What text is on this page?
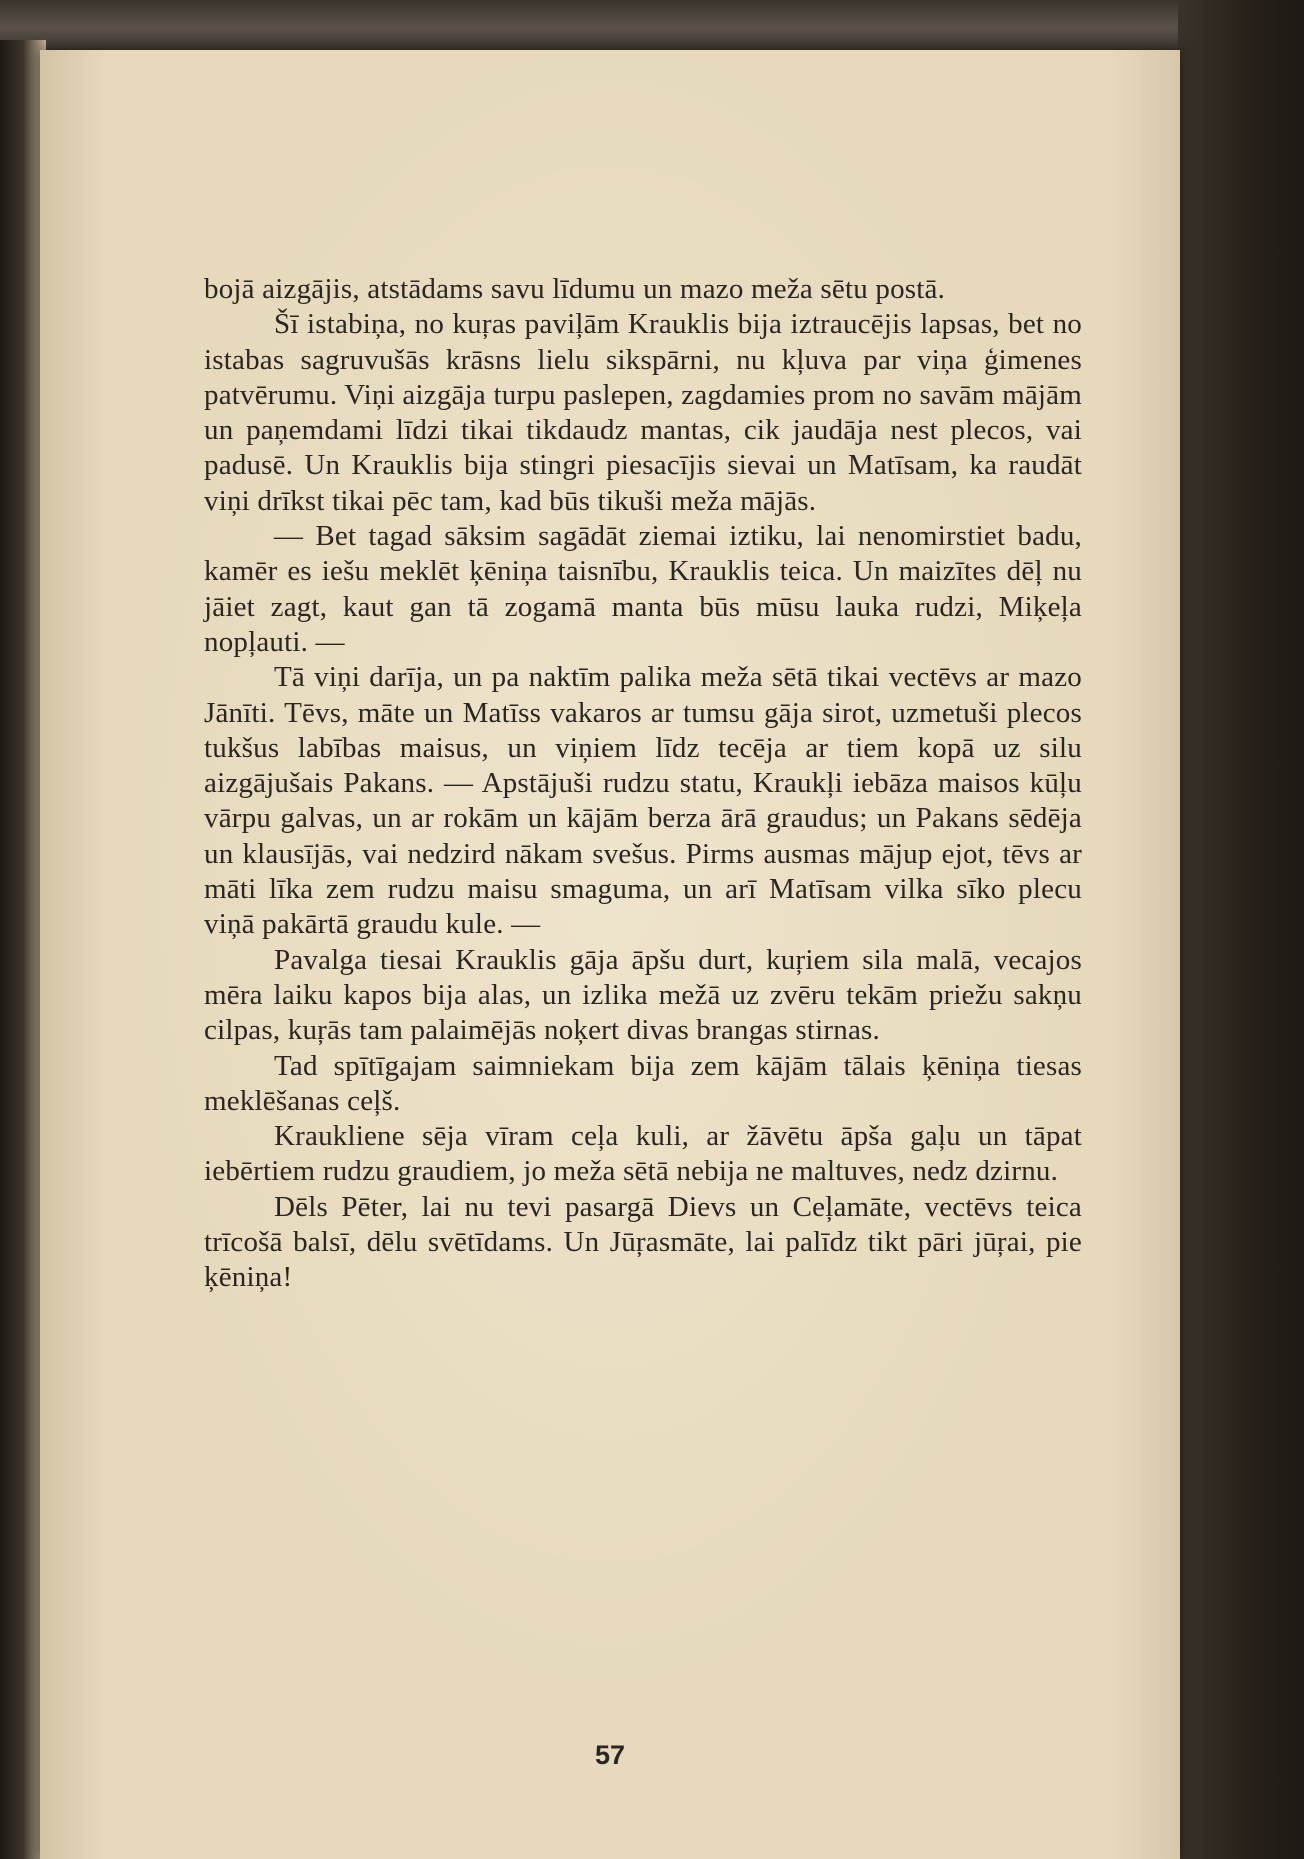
bojā aizgājis, atstādams savu līdumu un mazo meža sētu postā.

Šī istabiņa, no kuŗas paviļām Krauklis bija iztraucējis lapsas, bet no istabas sagruvušās krāsns lielu sikspārni, nu kļuva par viņa ģimenes patvērumu. Viņi aizgāja turpu paslepen, zagdamies prom no savām mājām un paņemdami līdzi tikai tikdaudz mantas, cik jaudāja nest plecos, vai padusē. Un Krauklis bija stingri piesacījis sievai un Matīsam, ka raudāt viņi drīkst tikai pēc tam, kad būs tikuši meža mājās.

— Bet tagad sāksim sagādāt ziemai iztiku, lai nenomirstiet badu, kamēr es iešu meklēt ķēniņa taisnību, Krauklis teica. Un maizītes dēļ nu jāiet zagt, kaut gan tā zogamā manta būs mūsu lauka rudzi, Miķeļa nopļauti. —

Tā viņi darīja, un pa naktīm palika meža sētā tikai vectēvs ar mazo Jānīti. Tēvs, māte un Matīss vakaros ar tumsu gāja sirot, uzmetuši plecos tukšus labības maisus, un viņiem līdz tecēja ar tiem kopā uz silu aizgājušais Pakans. — Apstājuši rudzu statu, Kraukļi iebāza maisos kūļu vārpu galvas, un ar rokām un kājām berza ārā graudus; un Pakans sēdēja un klausījās, vai nedzird nākam svešus. Pirms ausmas mājup ejot, tēvs ar māti līka zem rudzu maisu smaguma, un arī Matīsam vilka sīko plecu viņā pakārtā graudu kule. —

Pavalga tiesai Krauklis gāja āpšu durt, kuŗiem sila malā, vecajos mēra laiku kapos bija alas, un izlika mežā uz zvēru tekām priežu sakņu cilpas, kuŗās tam palaimējās noķert divas brangas stirnas.

Tad spītīgajam saimniekam bija zem kājām tālais ķēniņa tiesas meklēšanas ceļš.

Kraukliene sēja vīram ceļa kuli, ar žāvētu āpša gaļu un tāpat iebērtiem rudzu graudiem, jo meža sētā nebija ne maltuves, nedz dzirnu.

Dēls Pēter, lai nu tevi pasargā Dievs un Ceļamāte, vectēvs teica trīcošā balsī, dēlu svētīdams. Un Jūŗasmāte, lai palīdz tikt pāri jūŗai, pie ķēniņa!

57
